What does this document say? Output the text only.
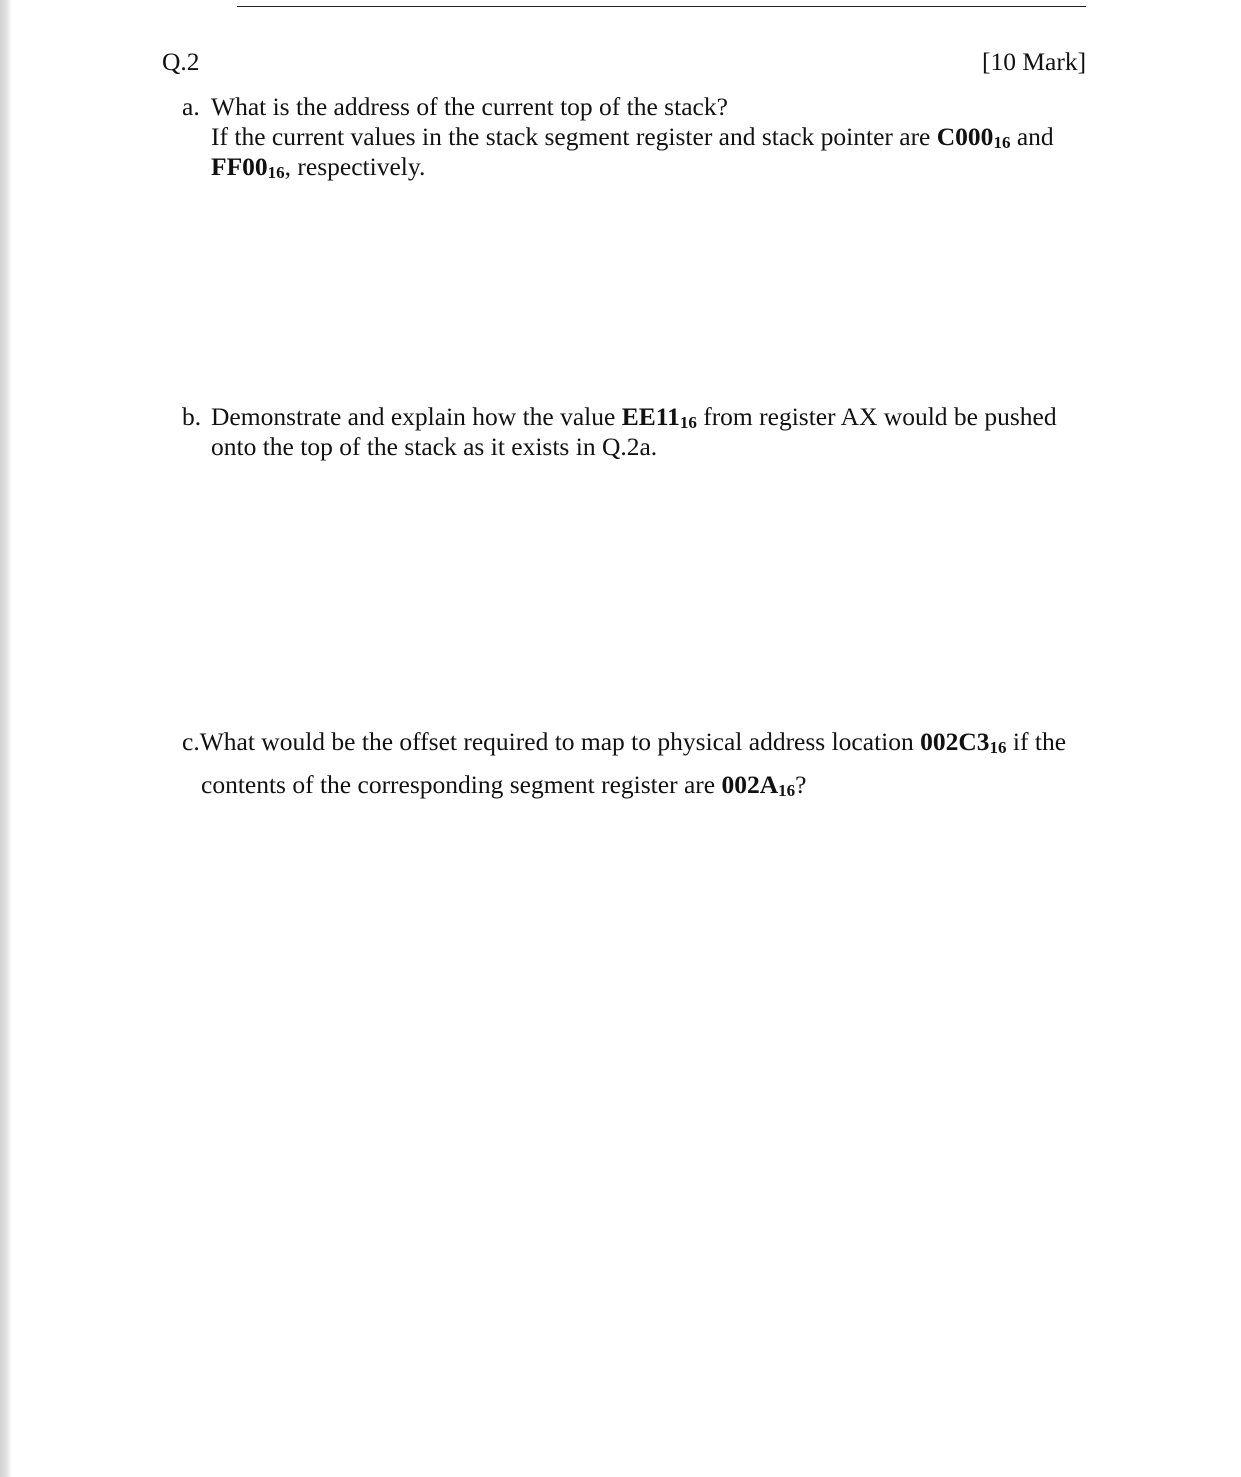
Q.2	[10 Mark]
a. What is the address of the current top of the stack?
If the current values in the stack segment register and stack pointer are C00016 and
FF0016, respectively.
b. Demonstrate and explain how the value EE1116 from register AX would be pushed
onto the top of the stack as it exists in Q.2a.
c.What would be the offset required to map to physical address location 002C316 if the
contents of the corresponding segment register are 002A16?
